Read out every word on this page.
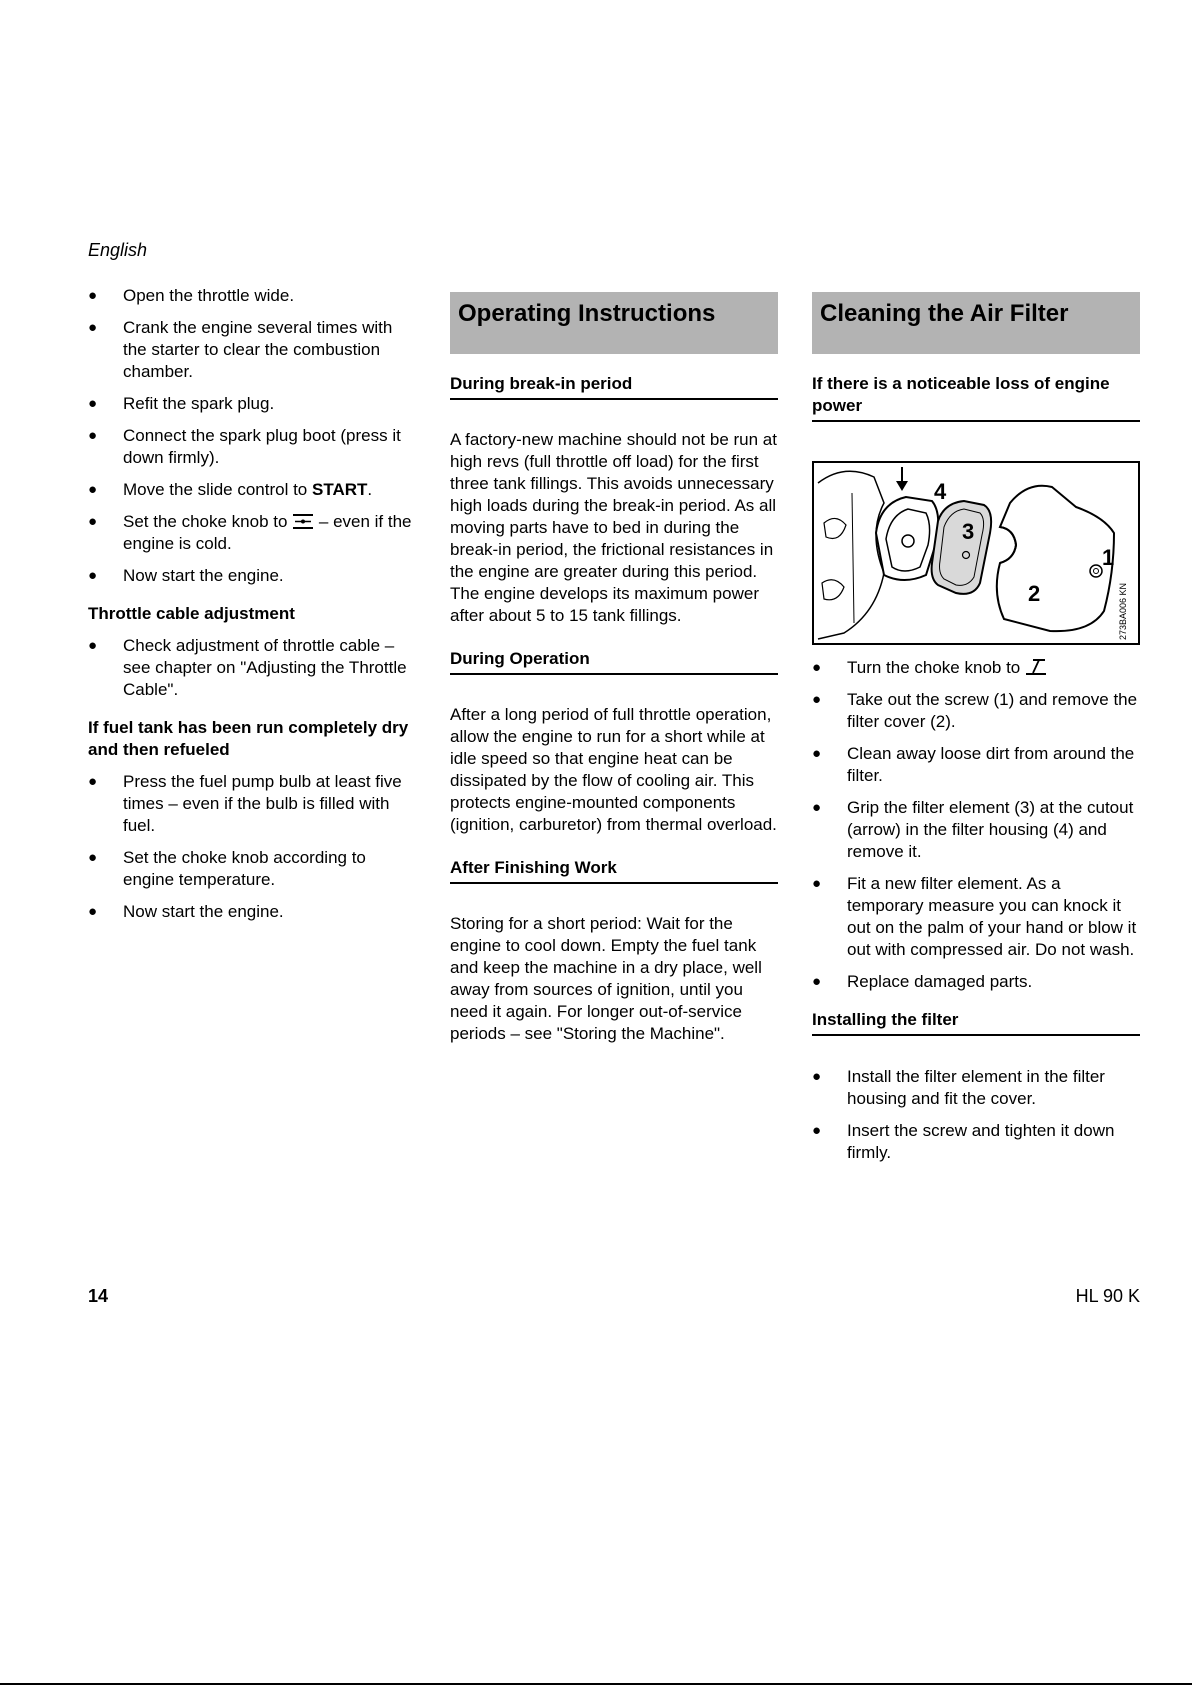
English
● Open the throttle wide.
● Crank the engine several times with the starter to clear the combustion chamber.
● Refit the spark plug.
● Connect the spark plug boot (press it down firmly).
● Move the slide control to START.
● Set the choke knob to  – even if the engine is cold.
● Now start the engine.
Throttle cable adjustment
● Check adjustment of throttle cable – see chapter on "Adjusting the Throttle Cable".
If fuel tank has been run completely dry and then refueled
● Press the fuel pump bulb at least five times – even if the bulb is filled with fuel.
● Set the choke knob according to engine temperature.
● Now start the engine.
Operating Instructions
During break-in period
A factory-new machine should not be run at high revs (full throttle off load) for the first three tank fillings. This avoids unnecessary high loads during the break-in period. As all moving parts have to bed in during the break-in period, the frictional resistances in the engine are greater during this period. The engine develops its maximum power after about 5 to 15 tank fillings.
During Operation
After a long period of full throttle operation, allow the engine to run for a short while at idle speed so that engine heat can be dissipated by the flow of cooling air. This protects engine-mounted components (ignition, carburetor) from thermal overload.
After Finishing Work
Storing for a short period: Wait for the engine to cool down. Empty the fuel tank and keep the machine in a dry place, well away from sources of ignition, until you need it again. For longer out-of-service periods – see "Storing the Machine".
Cleaning the Air Filter
If there is a noticeable loss of engine power
4
3
2
1
273BA006 KN
● Turn the choke knob to
● Take out the screw (1) and remove the filter cover (2).
● Clean away loose dirt from around the filter.
● Grip the filter element (3) at the cutout (arrow) in the filter housing (4) and remove it.
● Fit a new filter element. As a temporary measure you can knock it out on the palm of your hand or blow it out with compressed air. Do not wash.
● Replace damaged parts.
Installing the filter
● Install the filter element in the filter housing and fit the cover.
● Insert the screw and tighten it down firmly.
14	HL 90 K
